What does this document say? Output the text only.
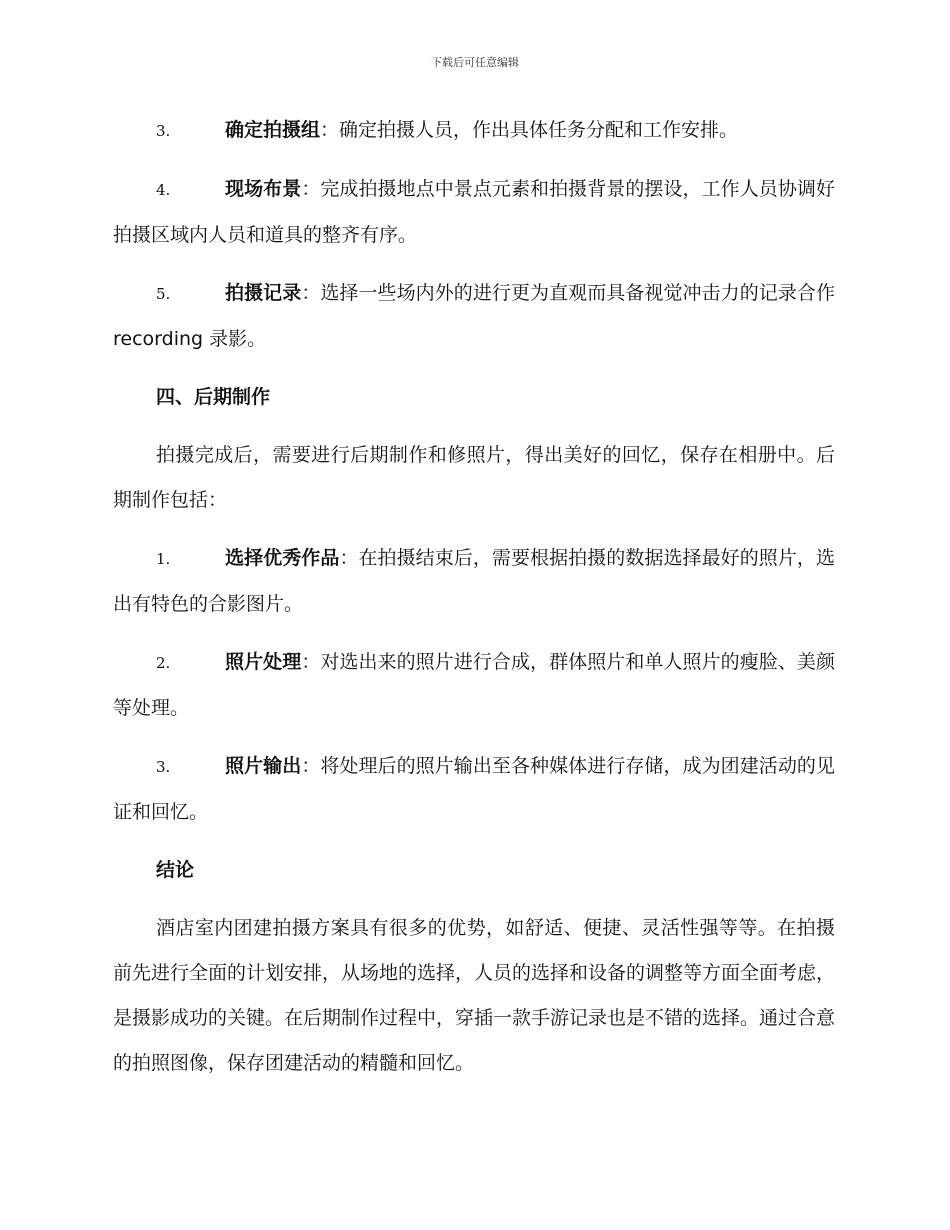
下载后可任意编辑
3.	确定拍摄组：确定拍摄人员，作出具体任务分配和工作安排。
4.	现场布景：完成拍摄地点中景点元素和拍摄背景的摆设，工作人员协调好拍摄区域内人员和道具的整齐有序。
5.	拍摄记录：选择一些场内外的进行更为直观而具备视觉冲击力的记录合作 recording 录影。
四、后期制作
拍摄完成后，需要进行后期制作和修照片，得出美好的回忆，保存在相册中。后期制作包括：
1.	选择优秀作品：在拍摄结束后，需要根据拍摄的数据选择最好的照片，选出有特色的合影图片。
2.	照片处理：对选出来的照片进行合成，群体照片和单人照片的瘦脸、美颜等处理。
3.	照片输出：将处理后的照片输出至各种媒体进行存储，成为团建活动的见证和回忆。
结论
酒店室内团建拍摄方案具有很多的优势，如舒适、便捷、灵活性强等等。在拍摄前先进行全面的计划安排，从场地的选择，人员的选择和设备的调整等方面全面考虑，是摄影成功的关键。在后期制作过程中，穿插一款手游记录也是不错的选择。通过合意的拍照图像，保存团建活动的精髓和回忆。
